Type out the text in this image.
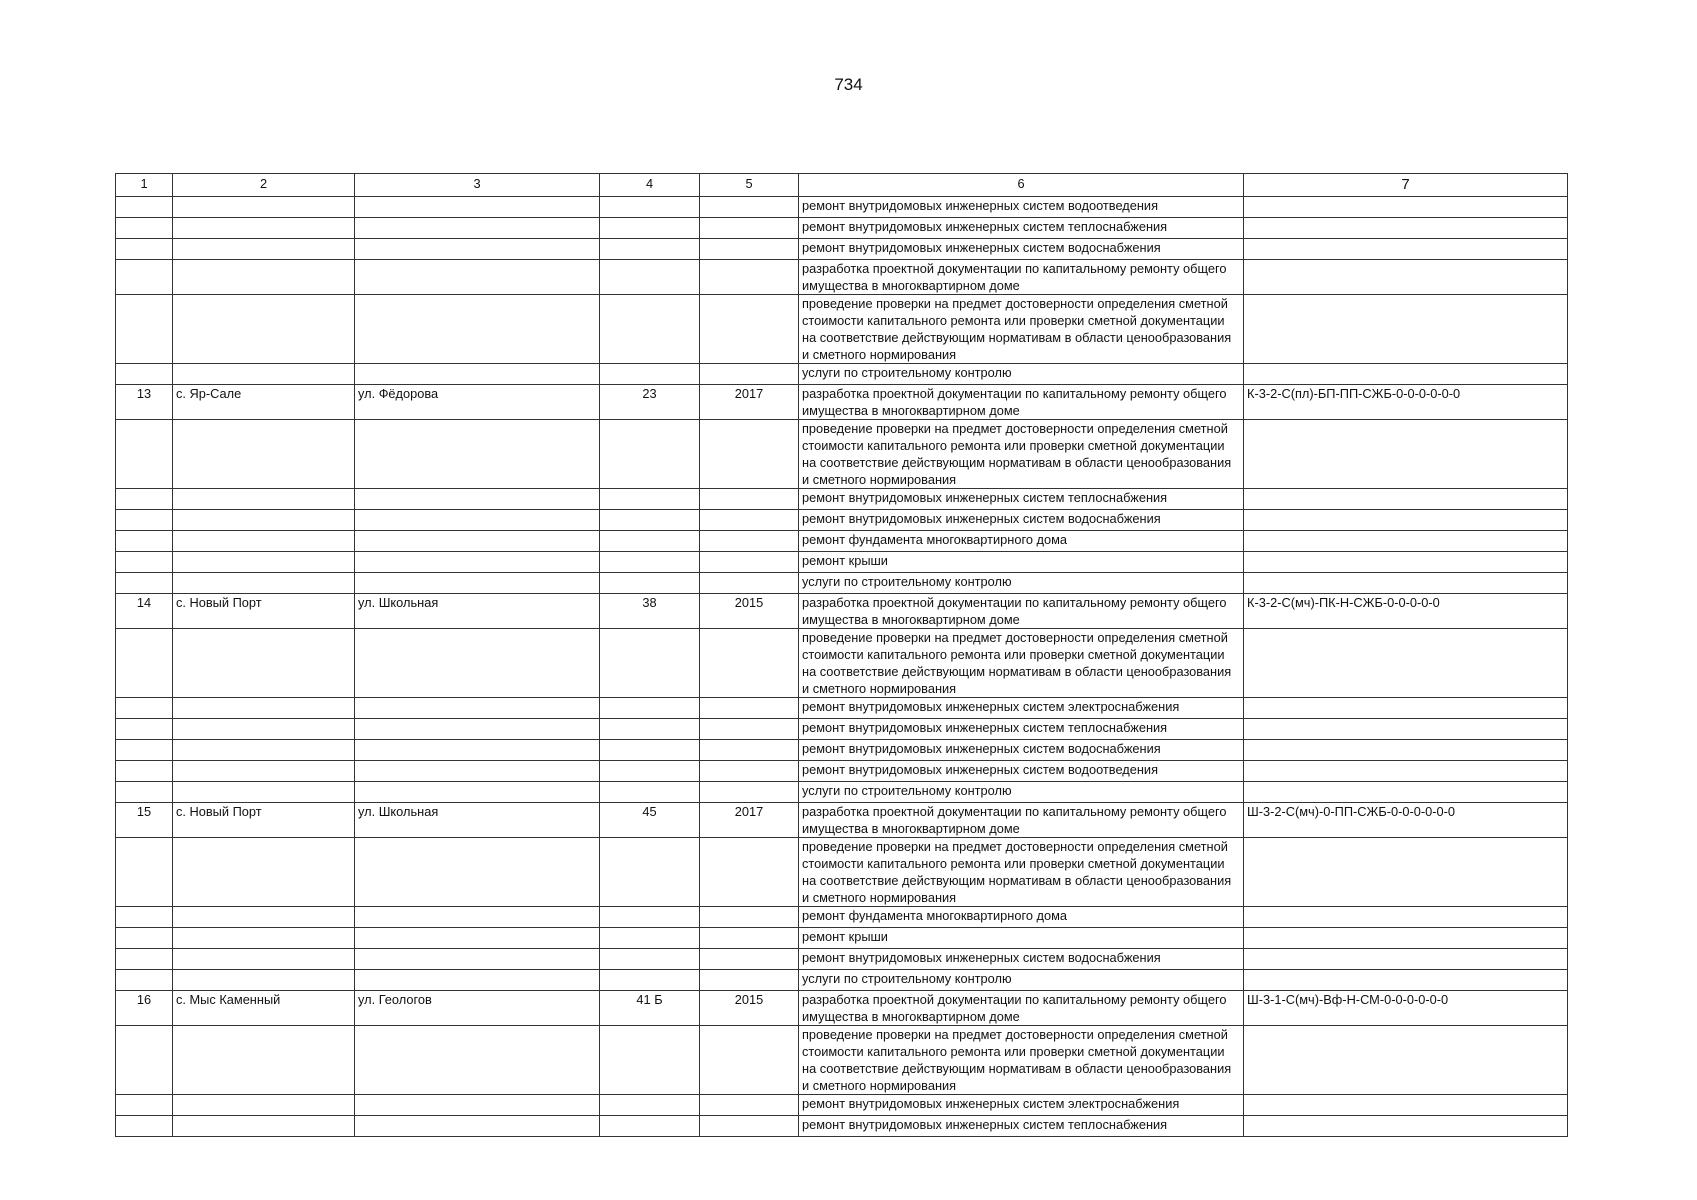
734
1	2	3	4	5	6	7
					ремонт внутридомовых инженерных систем водоотведения	
					ремонт внутридомовых инженерных систем теплоснабжения	
					ремонт внутридомовых инженерных систем водоснабжения	
					разработка проектной документации по капитальному ремонту общего имущества в многоквартирном доме	
					проведение проверки на предмет достоверности определения сметной стоимости капитального ремонта или проверки сметной документации на соответствие действующим нормативам в области ценообразования и сметного нормирования	
					услуги по строительному контролю	
13	с. Яр-Сале	ул. Фёдорова	23	2017	разработка проектной документации по капитальному ремонту общего имущества в многоквартирном доме	К-3-2-С(пл)-БП-ПП-СЖБ-0-0-0-0-0-0
					проведение проверки на предмет достоверности определения сметной стоимости капитального ремонта или проверки сметной документации на соответствие действующим нормативам в области ценообразования и сметного нормирования	
					ремонт внутридомовых инженерных систем теплоснабжения	
					ремонт внутридомовых инженерных систем водоснабжения	
					ремонт фундамента многоквартирного дома	
					ремонт крыши	
					услуги по строительному контролю	
14	с. Новый Порт	ул. Школьная	38	2015	разработка проектной документации по капитальному ремонту общего имущества в многоквартирном доме	К-3-2-С(мч)-ПК-Н-СЖБ-0-0-0-0-0
					проведение проверки на предмет достоверности определения сметной стоимости капитального ремонта или проверки сметной документации на соответствие действующим нормативам в области ценообразования и сметного нормирования	
					ремонт внутридомовых инженерных систем электроснабжения	
					ремонт внутридомовых инженерных систем теплоснабжения	
					ремонт внутридомовых инженерных систем водоснабжения	
					ремонт внутридомовых инженерных систем водоотведения	
					услуги по строительному контролю	
15	с. Новый Порт	ул. Школьная	45	2017	разработка проектной документации по капитальному ремонту общего имущества в многоквартирном доме	Ш-3-2-С(мч)-0-ПП-СЖБ-0-0-0-0-0-0
					проведение проверки на предмет достоверности определения сметной стоимости капитального ремонта или проверки сметной документации на соответствие действующим нормативам в области ценообразования и сметного нормирования	
					ремонт фундамента многоквартирного дома	
					ремонт крыши	
					ремонт внутридомовых инженерных систем водоснабжения	
					услуги по строительному контролю	
16	с. Мыс Каменный	ул. Геологов	41 Б	2015	разработка проектной документации по капитальному ремонту общего имущества в многоквартирном доме	Ш-3-1-С(мч)-Вф-Н-СМ-0-0-0-0-0-0
					проведение проверки на предмет достоверности определения сметной стоимости капитального ремонта или проверки сметной документации на соответствие действующим нормативам в области ценообразования и сметного нормирования	
					ремонт внутридомовых инженерных систем электроснабжения	
					ремонт внутридомовых инженерных систем теплоснабжения	
